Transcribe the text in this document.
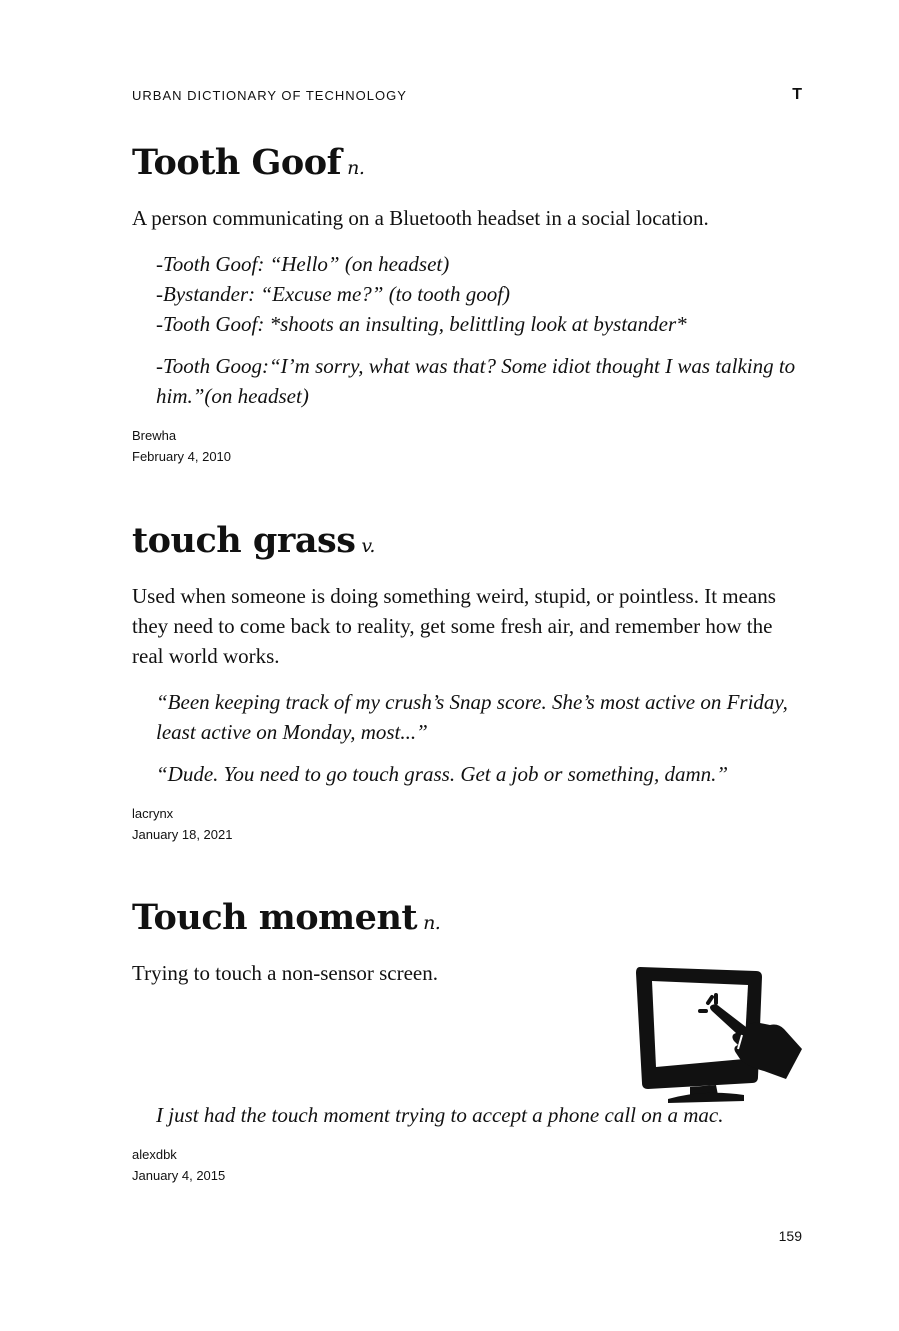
URBAN DICTIONARY OF TECHNOLOGY	T
Tooth Goof n.

A person communicating on a Bluetooth headset in a social location.

-Tooth Goof: “Hello” (on headset)

-Bystander: “Excuse me?” (to tooth goof)

-Tooth Goof: *shoots an insulting, belittling look at bystander*

-Tooth Goog:“I’m sorry, what was that? Some idiot thought I was talking to him.”(on headset)

Brewha
February 4, 2010
touch grass v.

Used when someone is doing something weird, stupid, or pointless. It means they need to come back to reality, get some fresh air, and remember how the real world works.

“Been keeping track of my crush’s Snap score. She’s most active on Friday, least active on Monday, most...”

“Dude. You need to go touch grass. Get a job or something, damn.”

lacrynx
January 18, 2021
Touch moment n.

Trying to touch a non-sensor screen.

I just had the touch moment trying to accept a phone call on a mac.

alexdbk
January 4, 2015
159
